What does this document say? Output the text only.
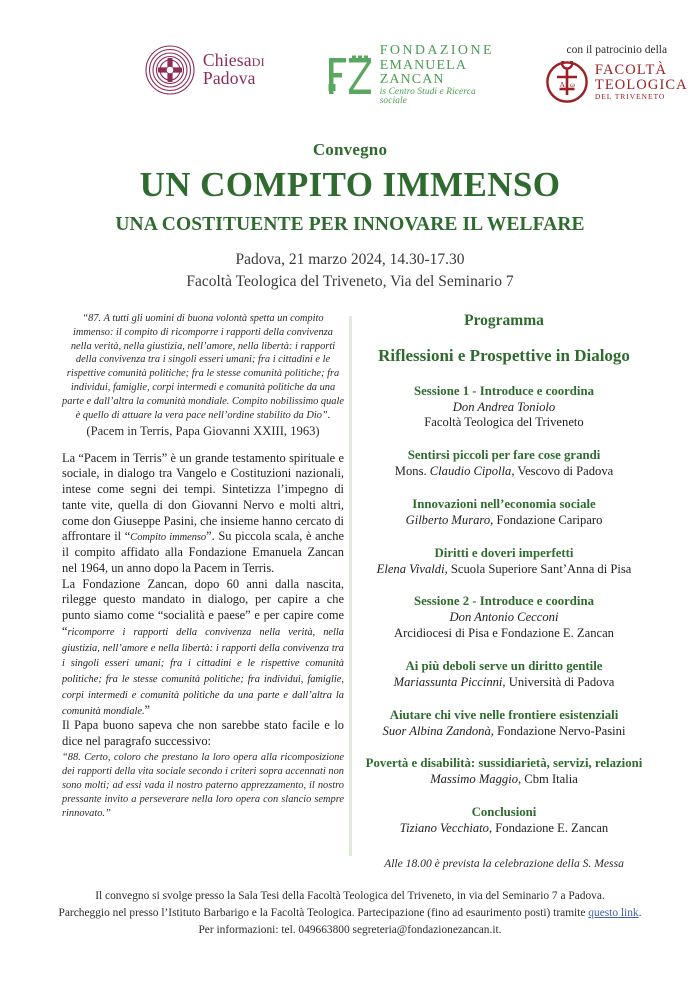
ChiesaDI
Padova
FONDAZIONE
EMANUELA ZANCAN
is Centro Studi e Ricerca sociale
con il patrocinio della
A ω
FACOLTÀ
TEOLOGICA
DEL TRIVENETO
Convegno
UN COMPITO IMMENSO
UNA COSTITUENTE PER INNOVARE IL WELFARE
Padova, 21 marzo 2024, 14.30-17.30
Facoltà Teologica del Triveneto, Via del Seminario 7
“87. A tutti gli uomini di buona volontà spetta un compito immenso: il compito di ricomporre i rapporti della convivenza nella verità, nella giustizia, nell’amore, nella libertà: i rapporti della convivenza tra i singoli esseri umani; fra i cittadini e le rispettive comunità politiche; fra le stesse comunità politiche; fra individui, famiglie, corpi intermedi e comunità politiche da una parte e dall’altra la comunità mondiale. Compito nobilissimo quale è quello di attuare la vera pace nell’ordine stabilito da Dio”.
(Pacem in Terris, Papa Giovanni XXIII, 1963)
La “Pacem in Terris” è un grande testamento spirituale e sociale, in dialogo tra Vangelo e Costituzioni nazionali, intese come segni dei tempi. Sintetizza l’impegno di tante vite, quella di don Giovanni Nervo e molti altri, come don Giuseppe Pasini, che insieme hanno cercato di affrontare il “Compito immenso”. Su piccola scala, è anche il compito affidato alla Fondazione Emanuela Zancan nel 1964, un anno dopo la Pacem in Terris.
La Fondazione Zancan, dopo 60 anni dalla nascita, rilegge questo mandato in dialogo, per capire a che punto siamo come “socialità e paese” e per capire come “ricomporre i rapporti della convivenza nella verità, nella giustizia, nell’amore e nella libertà: i rapporti della convivenza tra i singoli esseri umani; fra i cittadini e le rispettive comunità politiche; fra le stesse comunità politiche; fra individui, famiglie, corpi intermedi e comunità politiche da una parte e dall’altra la comunità mondiale.”
Il Papa buono sapeva che non sarebbe stato facile e lo dice nel paragrafo successivo:
“88. Certo, coloro che prestano la loro opera alla ricomposizione dei rapporti della vita sociale secondo i criteri sopra accennati non sono molti; ad essi vada il nostro paterno apprezzamento, il nostro pressante invito a perseverare nella loro opera con slancio sempre rinnovato.”
Programma
Riflessioni e Prospettive in Dialogo
Sessione 1 - Introduce e coordina
Don Andrea Toniolo
Facoltà Teologica del Triveneto
Sentirsi piccoli per fare cose grandi
Mons. Claudio Cipolla, Vescovo di Padova
Innovazioni nell’economia sociale
Gilberto Muraro, Fondazione Cariparo
Diritti e doveri imperfetti
Elena Vivaldi, Scuola Superiore Sant’Anna di Pisa
Sessione 2 - Introduce e coordina
Don Antonio Cecconi
Arcidiocesi di Pisa e Fondazione E. Zancan
Ai più deboli serve un diritto gentile
Mariassunta Piccinni, Università di Padova
Aiutare chi vive nelle frontiere esistenziali
Suor Albina Zandonà, Fondazione Nervo-Pasini
Povertà e disabilità: sussidiarietà, servizi, relazioni
Massimo Maggio, Cbm Italia
Conclusioni
Tiziano Vecchiato, Fondazione E. Zancan
Alle 18.00 è prevista la celebrazione della S. Messa
Il convegno si svolge presso la Sala Tesi della Facoltà Teologica del Triveneto, in via del Seminario 7 a Padova.
Parcheggio nel presso l’Istituto Barbarigo e la Facoltà Teologica. Partecipazione (fino ad esaurimento posti) tramite questo link.
Per informazioni: tel. 049663800 segreteria@fondazionezancan.it.
